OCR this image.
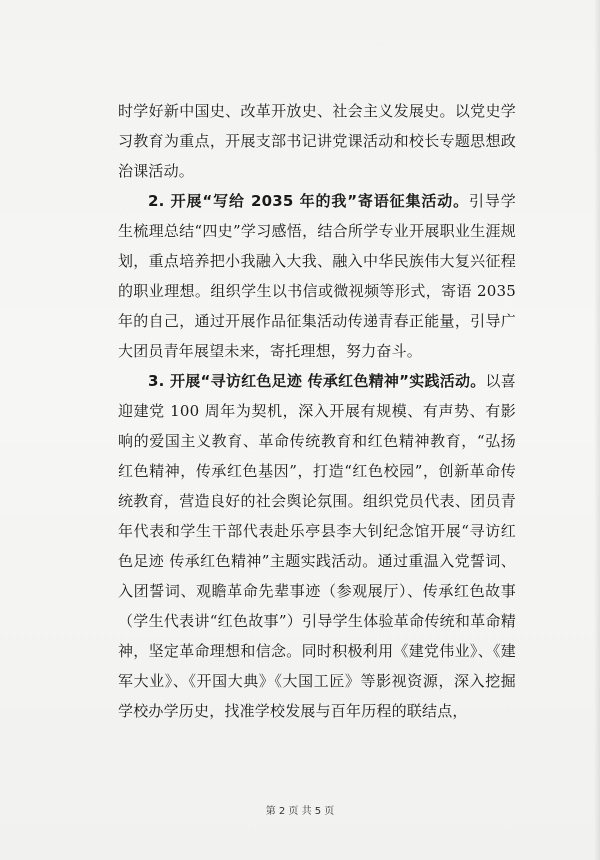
时学好新中国史、改革开放史、社会主义发展史。以党史学习教育为重点，开展支部书记讲党课活动和校长专题思想政治课活动。

2. 开展“写给 2035 年的我”寄语征集活动。引导学生梳理总结“四史”学习感悟，结合所学专业开展职业生涯规划，重点培养把小我融入大我、融入中华民族伟大复兴征程的职业理想。组织学生以书信或微视频等形式，寄语 2035 年的自己，通过开展作品征集活动传递青春正能量，引导广大团员青年展望未来，寄托理想，努力奋斗。

3. 开展“寻访红色足迹 传承红色精神”实践活动。以喜迎建党 100 周年为契机，深入开展有规模、有声势、有影响的爱国主义教育、革命传统教育和红色精神教育，“弘扬红色精神，传承红色基因”，打造“红色校园”，创新革命传统教育，营造良好的社会舆论氛围。组织党员代表、团员青年代表和学生干部代表赴乐亭县李大钊纪念馆开展“寻访红色足迹 传承红色精神”主题实践活动。通过重温入党誓词、入团誓词、观瞻革命先辈事迹（参观展厅）、传承红色故事（学生代表讲“红色故事”）引导学生体验革命传统和革命精神，坚定革命理想和信念。同时积极利用《建党伟业》、《建军大业》、《开国大典》《大国工匠》等影视资源，深入挖掘学校办学历史，找准学校发展与百年历程的联结点，

第 2 页 共 5 页
